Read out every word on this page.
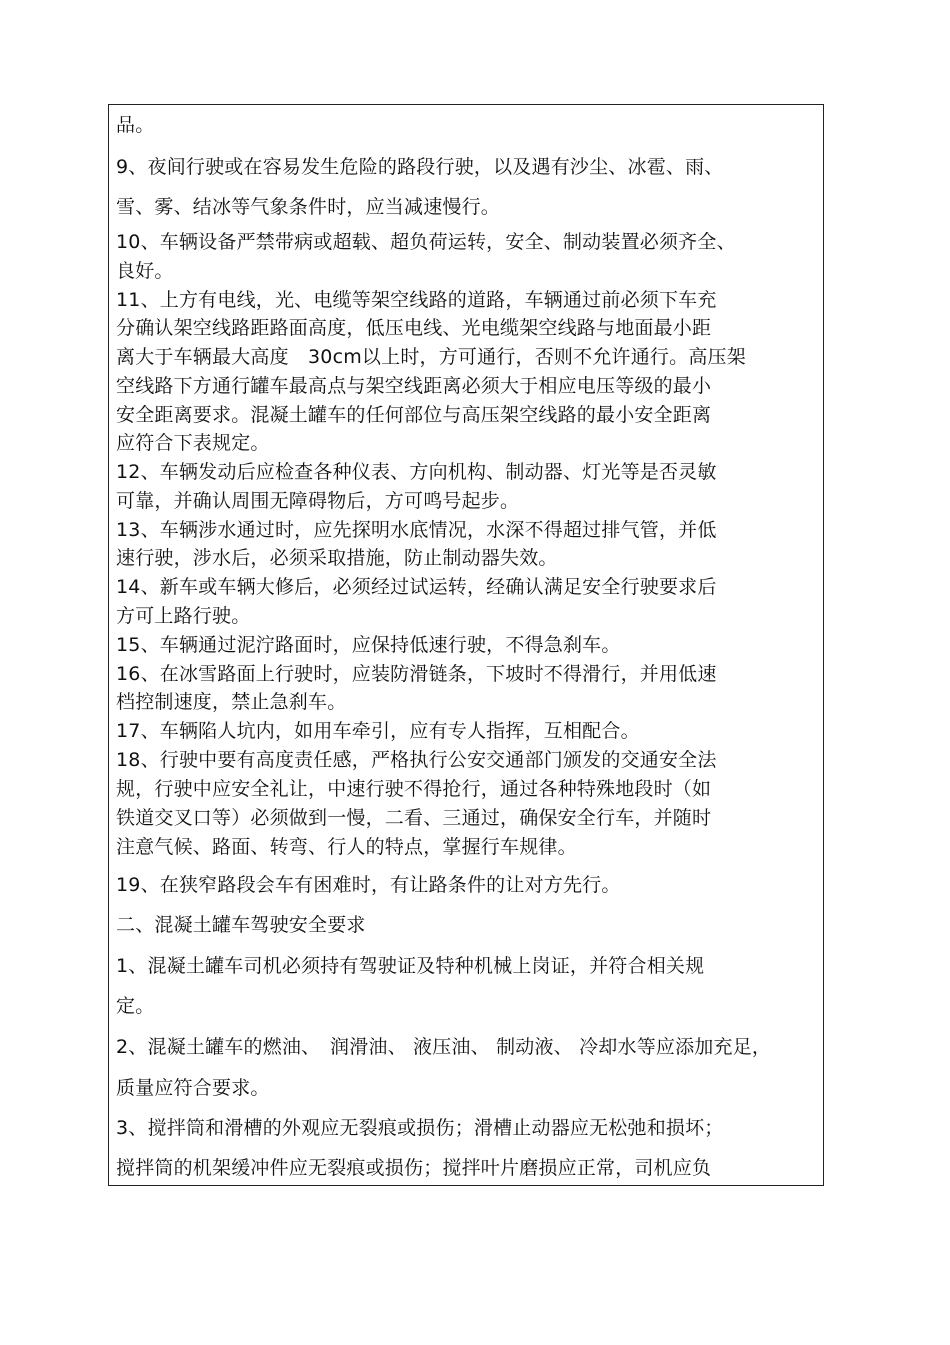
品。
9、夜间行驶或在容易发生危险的路段行驶，以及遇有沙尘、冰雹、雨、
雪、雾、结冰等气象条件时，应当减速慢行。
10、车辆设备严禁带病或超载、超负荷运转，安全、制动装置必须齐全、
良好。
11、上方有电线，光、电缆等架空线路的道路，车辆通过前必须下车充
分确认架空线路距路面高度，低压电线、光电缆架空线路与地面最小距
离大于车辆最大高度　30cm以上时，方可通行，否则不允许通行。高压架
空线路下方通行罐车最高点与架空线距离必须大于相应电压等级的最小
安全距离要求。混凝土罐车的任何部位与高压架空线路的最小安全距离
应符合下表规定。
12、车辆发动后应检查各种仪表、方向机构、制动器、灯光等是否灵敏
可靠，并确认周围无障碍物后，方可鸣号起步。
13、车辆涉水通过时，应先探明水底情况，水深不得超过排气管，并低
速行驶，涉水后，必须采取措施，防止制动器失效。
14、新车或车辆大修后，必须经过试运转，经确认满足安全行驶要求后
方可上路行驶。
15、车辆通过泥泞路面时，应保持低速行驶，不得急刹车。
16、在冰雪路面上行驶时，应装防滑链条，下坡时不得滑行，并用低速
档控制速度，禁止急刹车。
17、车辆陷人坑内，如用车牵引，应有专人指挥，互相配合。
18、行驶中要有高度责任感，严格执行公安交通部门颁发的交通安全法
规，行驶中应安全礼让，中速行驶不得抢行，通过各种特殊地段时（如
铁道交叉口等）必须做到一慢，二看、三通过，确保安全行车，并随时
注意气候、路面、转弯、行人的特点，掌握行车规律。
19、在狭窄路段会车有困难时，有让路条件的让对方先行。
二、混凝土罐车驾驶安全要求
1、混凝土罐车司机必须持有驾驶证及特种机械上岗证，并符合相关规
定。
2、混凝土罐车的燃油、　润滑油、 液压油、 制动液、 冷却水等应添加充足，
质量应符合要求。
3、搅拌筒和滑槽的外观应无裂痕或损伤；滑槽止动器应无松弛和损坏；
搅拌筒的机架缓冲件应无裂痕或损伤；搅拌叶片磨损应正常，司机应负
